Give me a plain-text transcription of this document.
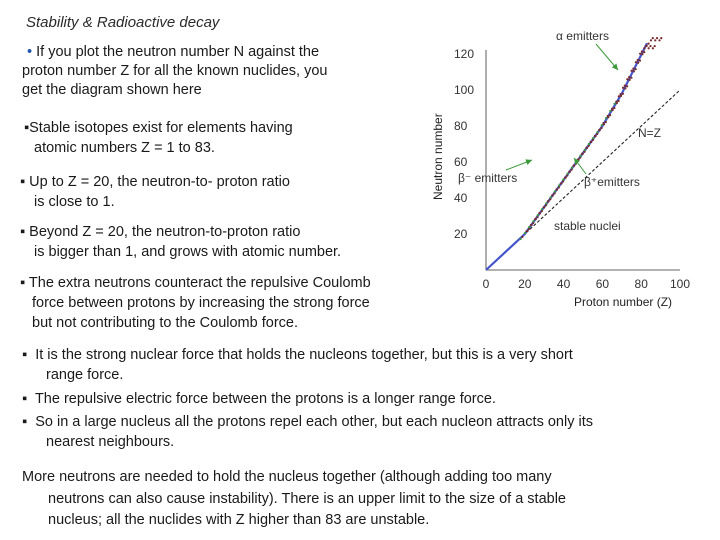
Stability & Radioactive decay
• If you plot the neutron number N against the
proton number Z for all the known nuclides, you
get the diagram shown here
▪Stable isotopes exist for elements having
atomic numbers Z = 1 to 83.
▪ Up to Z = 20, the neutron-to- proton ratio
is close to 1.
▪ Beyond Z = 20, the neutron-to-proton ratio
is bigger than 1, and grows with atomic number.
▪ The extra neutrons counteract the repulsive Coulomb
force between protons by increasing the strong force
but not contributing to the Coulomb force.
Neutron number
20
40
60
80
100
120
0 20 40 60 80 100
α emitters
N=Z
β⁻ emitters	β⁺emitters
stable nuclei
Proton number (Z)
▪ It is the strong nuclear force that holds the nucleons together, but this is a very short
range force.
▪ The repulsive electric force between the protons is a longer range force.
▪ So in a large nucleus all the protons repel each other, but each nucleon attracts only its
nearest neighbours.
More neutrons are needed to hold the nucleus together (although adding too many

neutrons can also cause instability). There is an upper limit to the size of a stable
nucleus; all the nuclides with Z higher than 83 are unstable.
